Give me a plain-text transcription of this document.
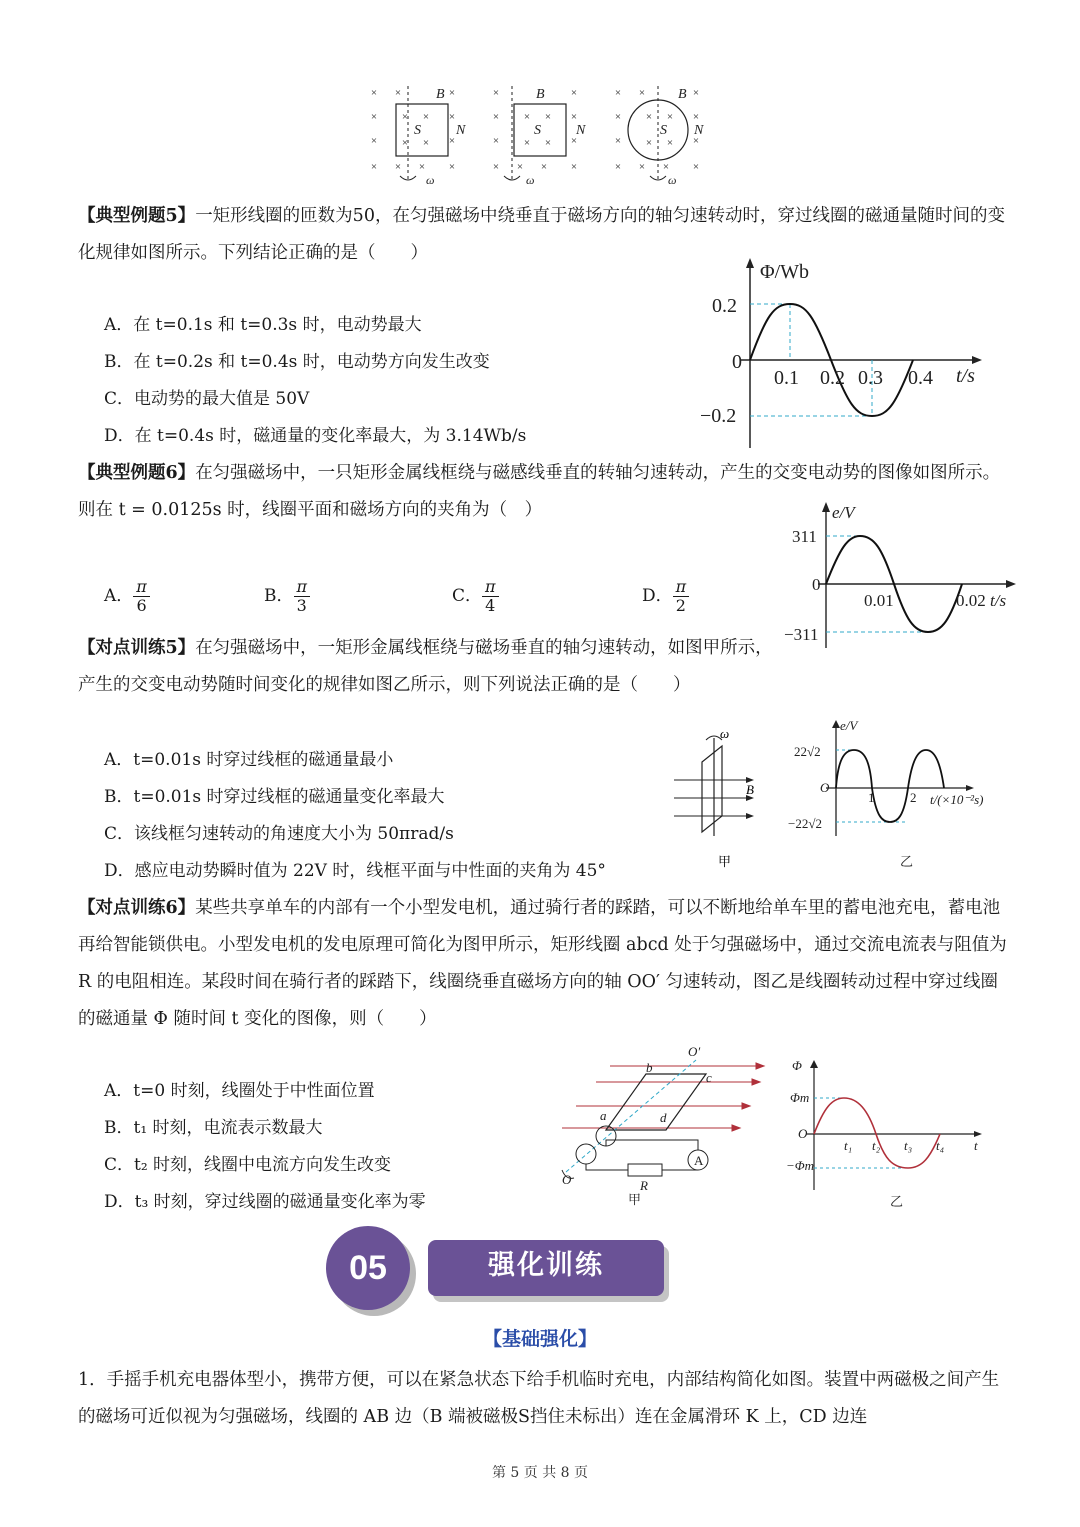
× ×
×
×
× × ×
×
×
×
×
× ×
× ×
×
×
×
× × ×
×
×
×
×
× ×
× ×
× ×
×
×
× × ×
×
×
×
×
× ×
× ×
B
S	N
B
S	N
B
S N
ω	ω	ω
【典型例题5】一矩形线圈的匝数为50，在匀强磁场中绕垂直于磁场方向的轴匀速转动时，穿过线圈的磁通量随时间的变化规律如图所示。下列结论正确的是（　　）
A．在 t=0.1s 和 t=0.3s 时，电动势最大
B．在 t=0.2s 和 t=0.4s 时，电动势方向发生改变
C．电动势的最大值是 50V
D．在 t=0.4s 时，磁通量的变化率最大，为 3.14Wb/s
Φ/Wb
t/s
0.2
0
−0.2
0.1 0.2 0.3 0.4
【典型例题6】在匀强磁场中，一只矩形金属线框绕与磁感线垂直的转轴匀速转动，产生的交变电动势的图像如图所示。则在 t = 0.0125s 时，线圈平面和磁场方向的夹角为（　）
A． $\frac{\pi}{6}$	B． $\frac{\pi}{3}$	C． $\frac{\pi}{4}$	D． $\frac{\pi}{2}$
e/V
t/s
311
0
−311
0.01	0.02
【对点训练5】在匀强磁场中，一矩形金属线框绕与磁场垂直的轴匀速转动，如图甲所示，产生的交变电动势随时间变化的规律如图乙所示，则下列说法正确的是（　　）
A．t=0.01s 时穿过线框的磁通量最小
B．t=0.01s 时穿过线框的磁通量变化率最大
C．该线框匀速转动的角速度大小为 50πrad/s
D．感应电动势瞬时值为 22V 时，线框平面与中性面的夹角为 45°
ω
B
甲
e/V
t/(×10⁻²s)
22√2
O
−22√2
1	2
乙
【对点训练6】某些共享单车的内部有一个小型发电机，通过骑行者的踩踏，可以不断地给单车里的蓄电池充电，蓄电池再给智能锁供电。小型发电机的发电原理可简化为图甲所示，矩形线圈 abcd 处于匀强磁场中，通过交流电流表与阻值为 R 的电阻相连。某段时间在骑行者的踩踏下，线圈绕垂直磁场方向的轴 OO′ 匀速转动，图乙是线圈转动过程中穿过线圈的磁通量 Φ 随时间 t 变化的图像，则（　　）
A．t=0 时刻，线圈处于中性面位置
B．t₁ 时刻，电流表示数最大
C．t₂ 时刻，线圈中电流方向发生改变
D．t₃ 时刻，穿过线圈的磁通量变化率为零
O′
b
c
a	d
A
R
O
甲
Φ
t
Φm
O
−Φm
t₁ t₂ t₃ t₄
乙
05	强化训练
【基础强化】
1．手摇手机充电器体型小，携带方便，可以在紧急状态下给手机临时充电，内部结构简化如图。装置中两磁极之间产生的磁场可近似视为匀强磁场，线圈的 AB 边（B 端被磁极S挡住未标出）连在金属滑环 K 上，CD 边连
第 5 页 共 8 页
